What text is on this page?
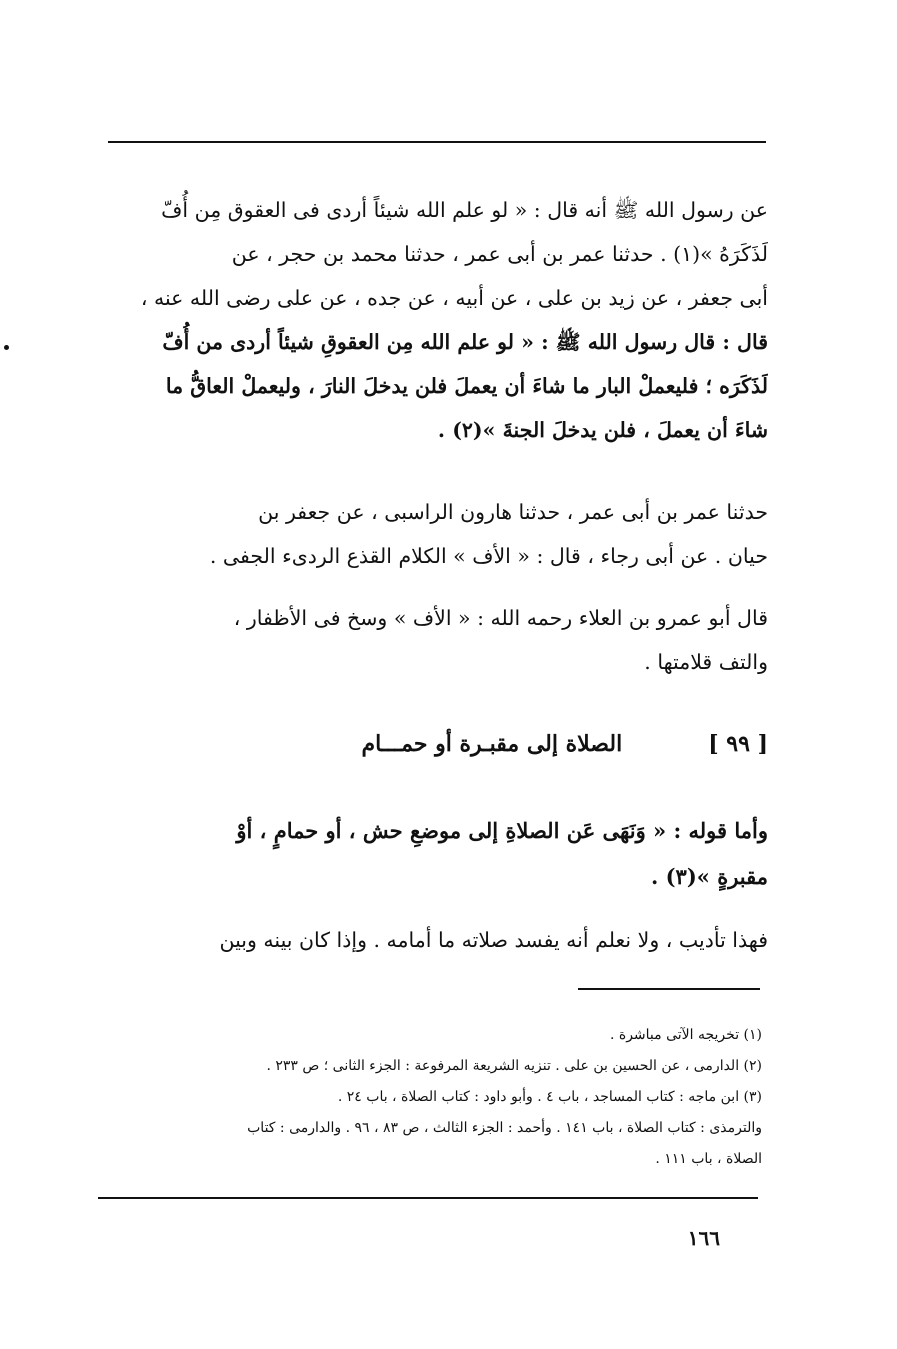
عن رسول الله ﷺ أنه قال : « لو علم الله شيئاً أردى فى العقوق مِن أُفّ
لَذَكَرَهُ »(١) . حدثنا عمر بن أبى عمر ، حدثنا محمد بن حجر ، عن
أبى جعفر ، عن زيد بن على ، عن أبيه ، عن جده ، عن على رضى الله عنه ،
قال : قال رسول الله ﷺ : « لو علم الله مِن العقوقِ شيئاً أردى من أُفّ
لَذَكَرَه ؛ فليعملْ البار ما شاءَ أن يعملَ فلن يدخلَ النارَ ، وليعملْ العاقُّ ما
شاءَ أن يعملَ ، فلن يدخلَ الجنةَ »(٢) .
حدثنا عمر بن أبى عمر ، حدثنا هارون الراسبى ، عن جعفر بن
حيان . عن أبى رجاء ، قال : « الأف » الكلام القذع الردىء الجفى .
قال أبو عمرو بن العلاء رحمه الله : « الأف » وسخ فى الأظفار ،
والتف قلامتها .
[ ٩٩ ]
الصلاة إلى مقبـرة أو حمـــام
وأما قوله : « وَنَهَى عَن الصلاةِ إلى موضعِ حش ، أو حمامٍ ، أوْ
مقبرةٍ »(٣) .
فهذا تأديب ، ولا نعلم أنه يفسد صلاته ما أمامه . وإذا كان بينه وبين
(١) تخريجه الآتى مباشرة .
(٢) الدارمى ، عن الحسين بن على . تنزيه الشريعة المرفوعة : الجزء الثانى ؛ ص ٢٣٣ .
(٣) ابن ماجه : كتاب المساجد ، باب ٤ . وأبو داود : كتاب الصلاة ، باب ٢٤ .
والترمذى : كتاب الصلاة ، باب ١٤١ . وأحمد : الجزء الثالث ، ص ٨٣ ، ٩٦ . والدارمى : كتاب
الصلاة ، باب ١١١ .
١٦٦
